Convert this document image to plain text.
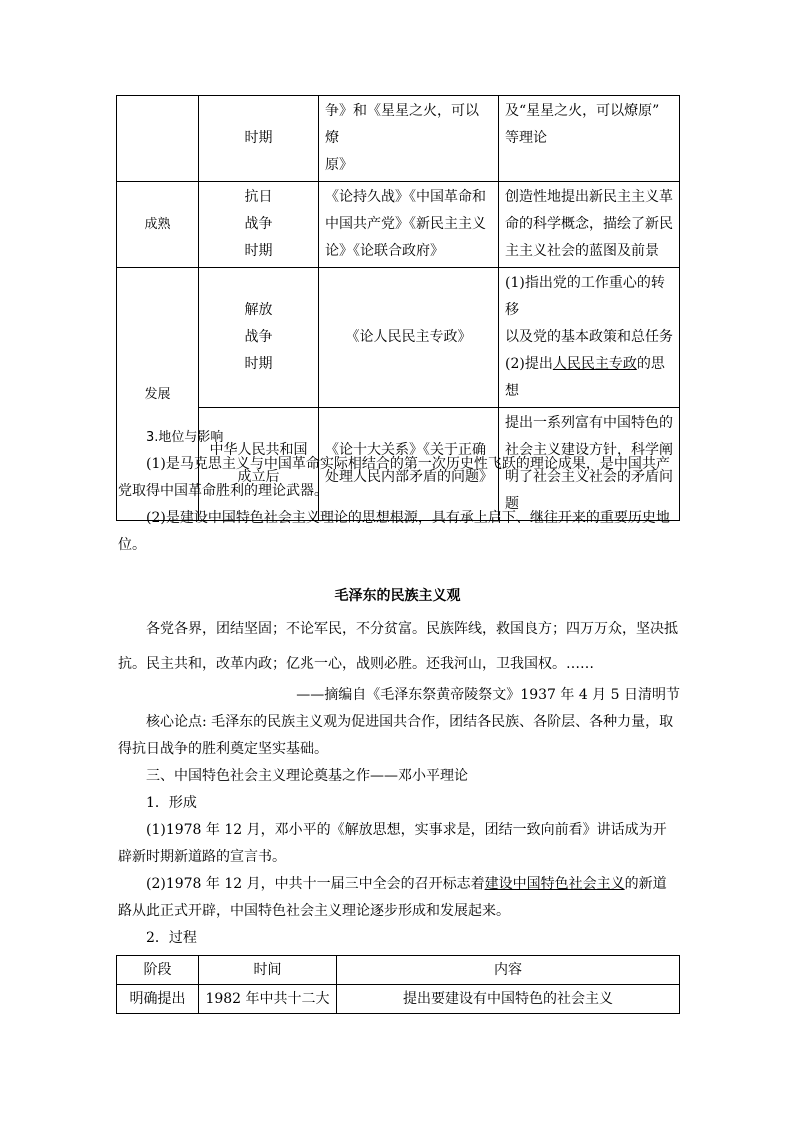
	时期	争》和《星星之火，可以燎
原》	及“星星之火，可以燎原”
等理论

成熟	抗日
战争
时期	《论持久战》《中国革命和
中国共产党》《新民主主义
论》《论联合政府》	创造性地提出新民主主义革
命的科学概念，描绘了新民
主主义社会的蓝图及前景

发展	解放
战争
时期	《论人民民主专政》	(1)指出党的工作重心的转移
以及党的基本政策和总任务
(2)提出人民民主专政的思想

	中华人民共和国
成立后	《论十大关系》《关于正确
处理人民内部矛盾的问题》	提出一系列富有中国特色的
社会主义建设方针，科学阐
明了社会主义社会的矛盾问
题
3.地位与影响
(1)是马克思主义与中国革命实际相结合的第一次历史性飞跃的理论成果，是中国共产党取得中国革命胜利的理论武器。
(2)是建设中国特色社会主义理论的思想根源，具有承上启下、继往开来的重要历史地位。
毛泽东的民族主义观
各党各界，团结坚固；不论军民，不分贫富。民族阵线，救国良方；四万万众，坚决抵
抗。民主共和，改革内政；亿兆一心，战则必胜。还我河山，卫我国权。……
——摘编自《毛泽东祭黄帝陵祭文》1937 年 4 月 5 日清明节
核心论点: 毛泽东的民族主义观为促进国共合作，团结各民族、各阶层、各种力量，取得抗日战争的胜利奠定坚实基础。
三、中国特色社会主义理论奠基之作——邓小平理论
1．形成
(1)1978 年 12 月，邓小平的《解放思想，实事求是，团结一致向前看》讲话成为开辟新时期新道路的宣言书。
(2)1978 年 12 月，中共十一届三中全会的召开标志着建设中国特色社会主义的新道路从此正式开辟，中国特色社会主义理论逐步形成和发展起来。
2．过程
阶段	时间	内容
明确提出	1982 年中共十二大	提出要建设有中国特色的社会主义
